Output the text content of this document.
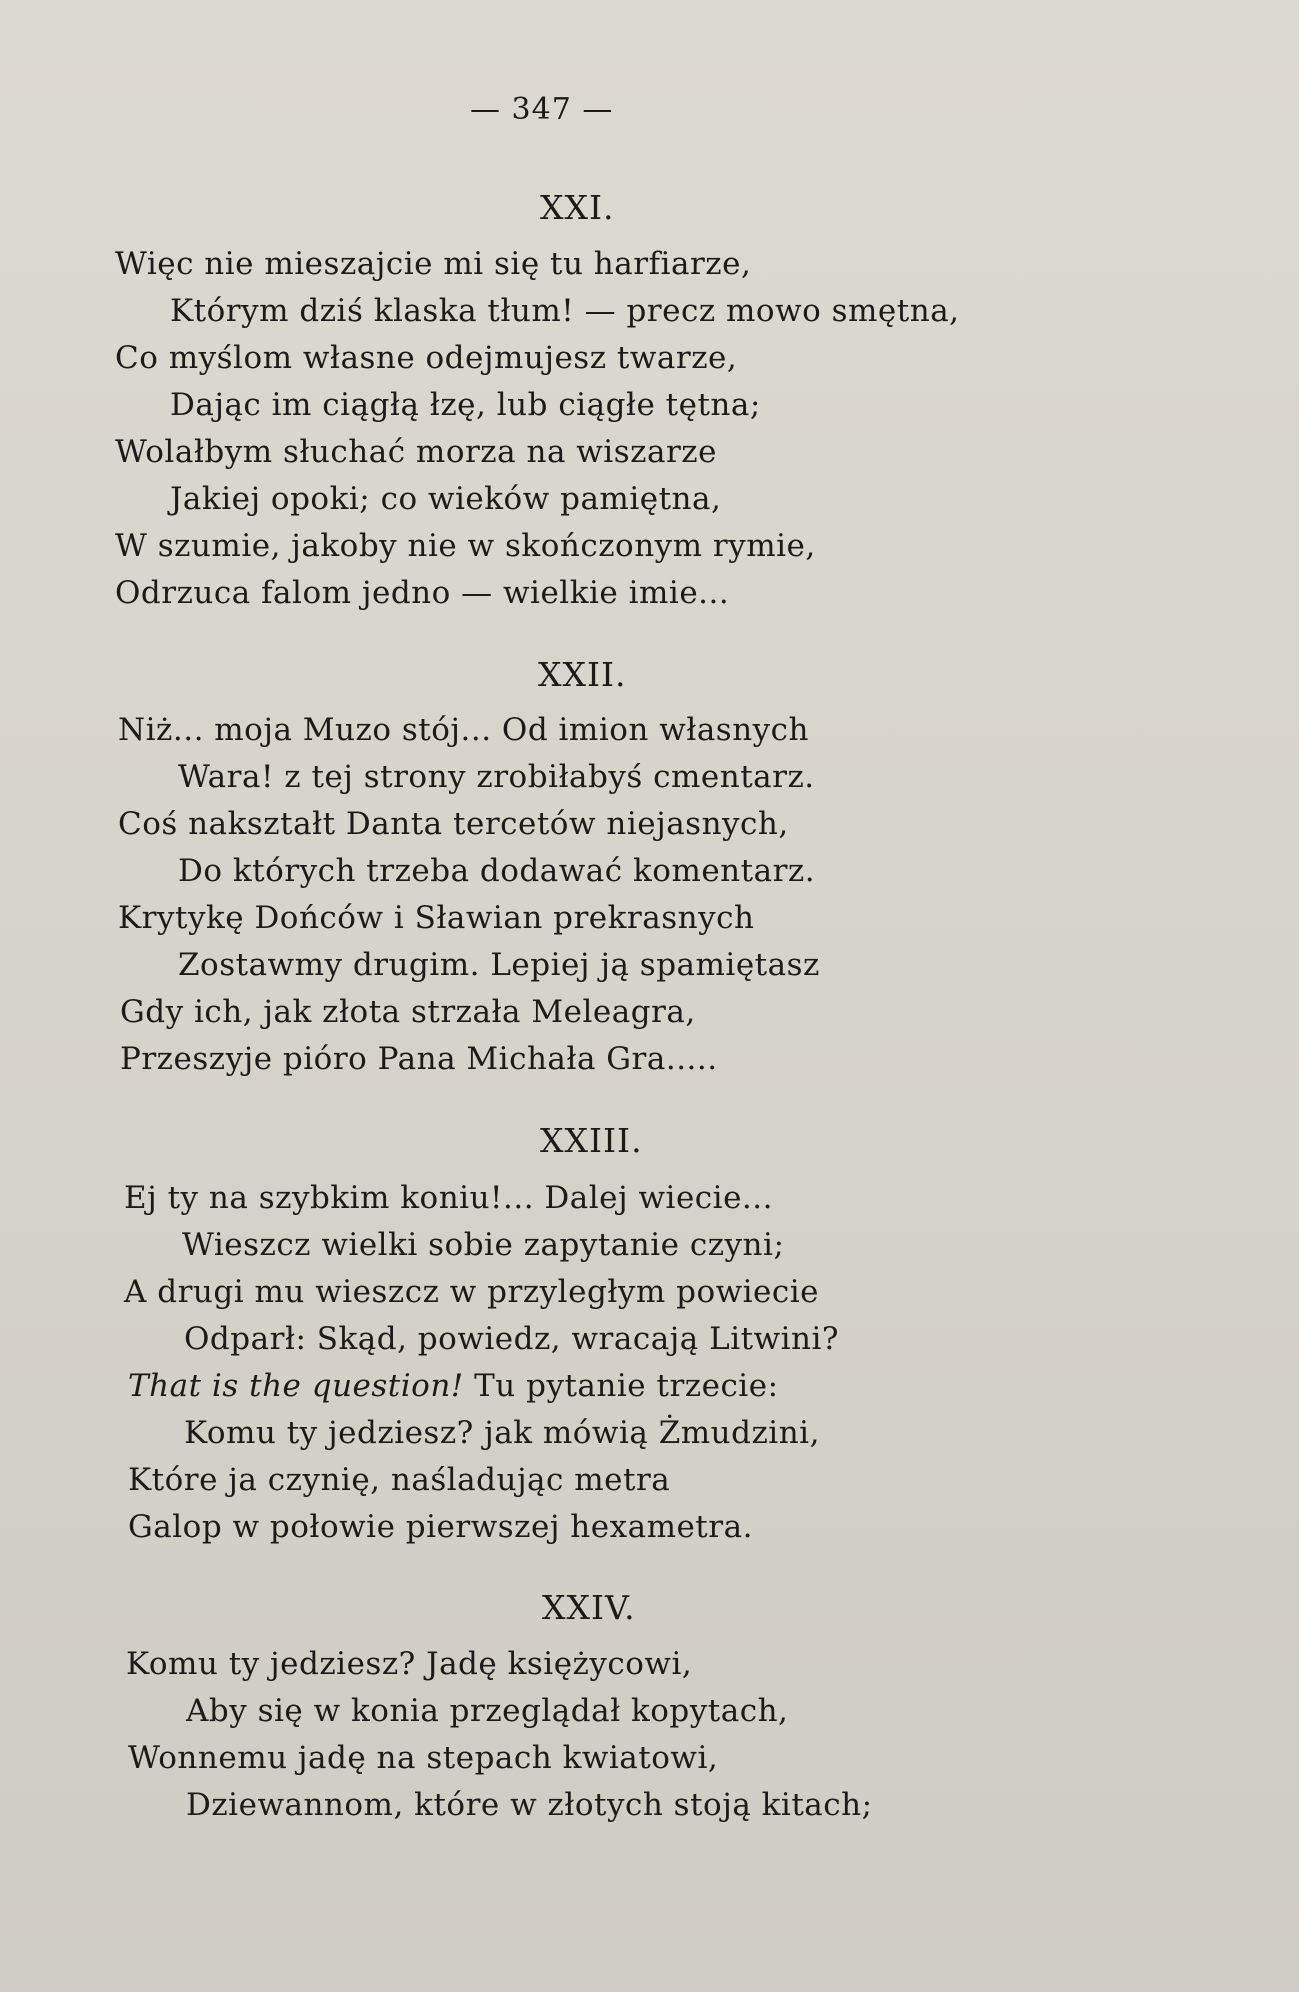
— 347 —
XXI.
Więc nie mieszajcie mi się tu harfiarze,
Którym dziś klaska tłum! — precz mowo smętna,
Co myślom własne odejmujesz twarze,
Dając im ciągłą łzę, lub ciągłe tętna;
Wolałbym słuchać morza na wiszarze
Jakiej opoki; co wieków pamiętna,
W szumie, jakoby nie w skończonym rymie,
Odrzuca falom jedno — wielkie imie...
XXII.
Niż... moja Muzo stój... Od imion własnych
Wara! z tej strony zrobiłabyś cmentarz.
Coś nakształt Danta tercetów niejasnych,
Do których trzeba dodawać komentarz.
Krytykę Dońców i Sławian prekrasnych
Zostawmy drugim. Lepiej ją spamiętasz
Gdy ich, jak złota strzała Meleagra,
Przeszyje pióro Pana Michała Gra.....
XXIII.
Ej ty na szybkim koniu!... Dalej wiecie...
Wieszcz wielki sobie zapytanie czyni;
A drugi mu wieszcz w przyległym powiecie
Odparł: Skąd, powiedz, wracają Litwini?
That is the question! Tu pytanie trzecie:
Komu ty jedziesz? jak mówią Żmudzini,
Które ja czynię, naśladując metra
Galop w połowie pierwszej hexametra.
XXIV.
Komu ty jedziesz? Jadę księżycowi,
Aby się w konia przeglądał kopytach,
Wonnemu jadę na stepach kwiatowi,
Dziewannom, które w złotych stoją kitach;
